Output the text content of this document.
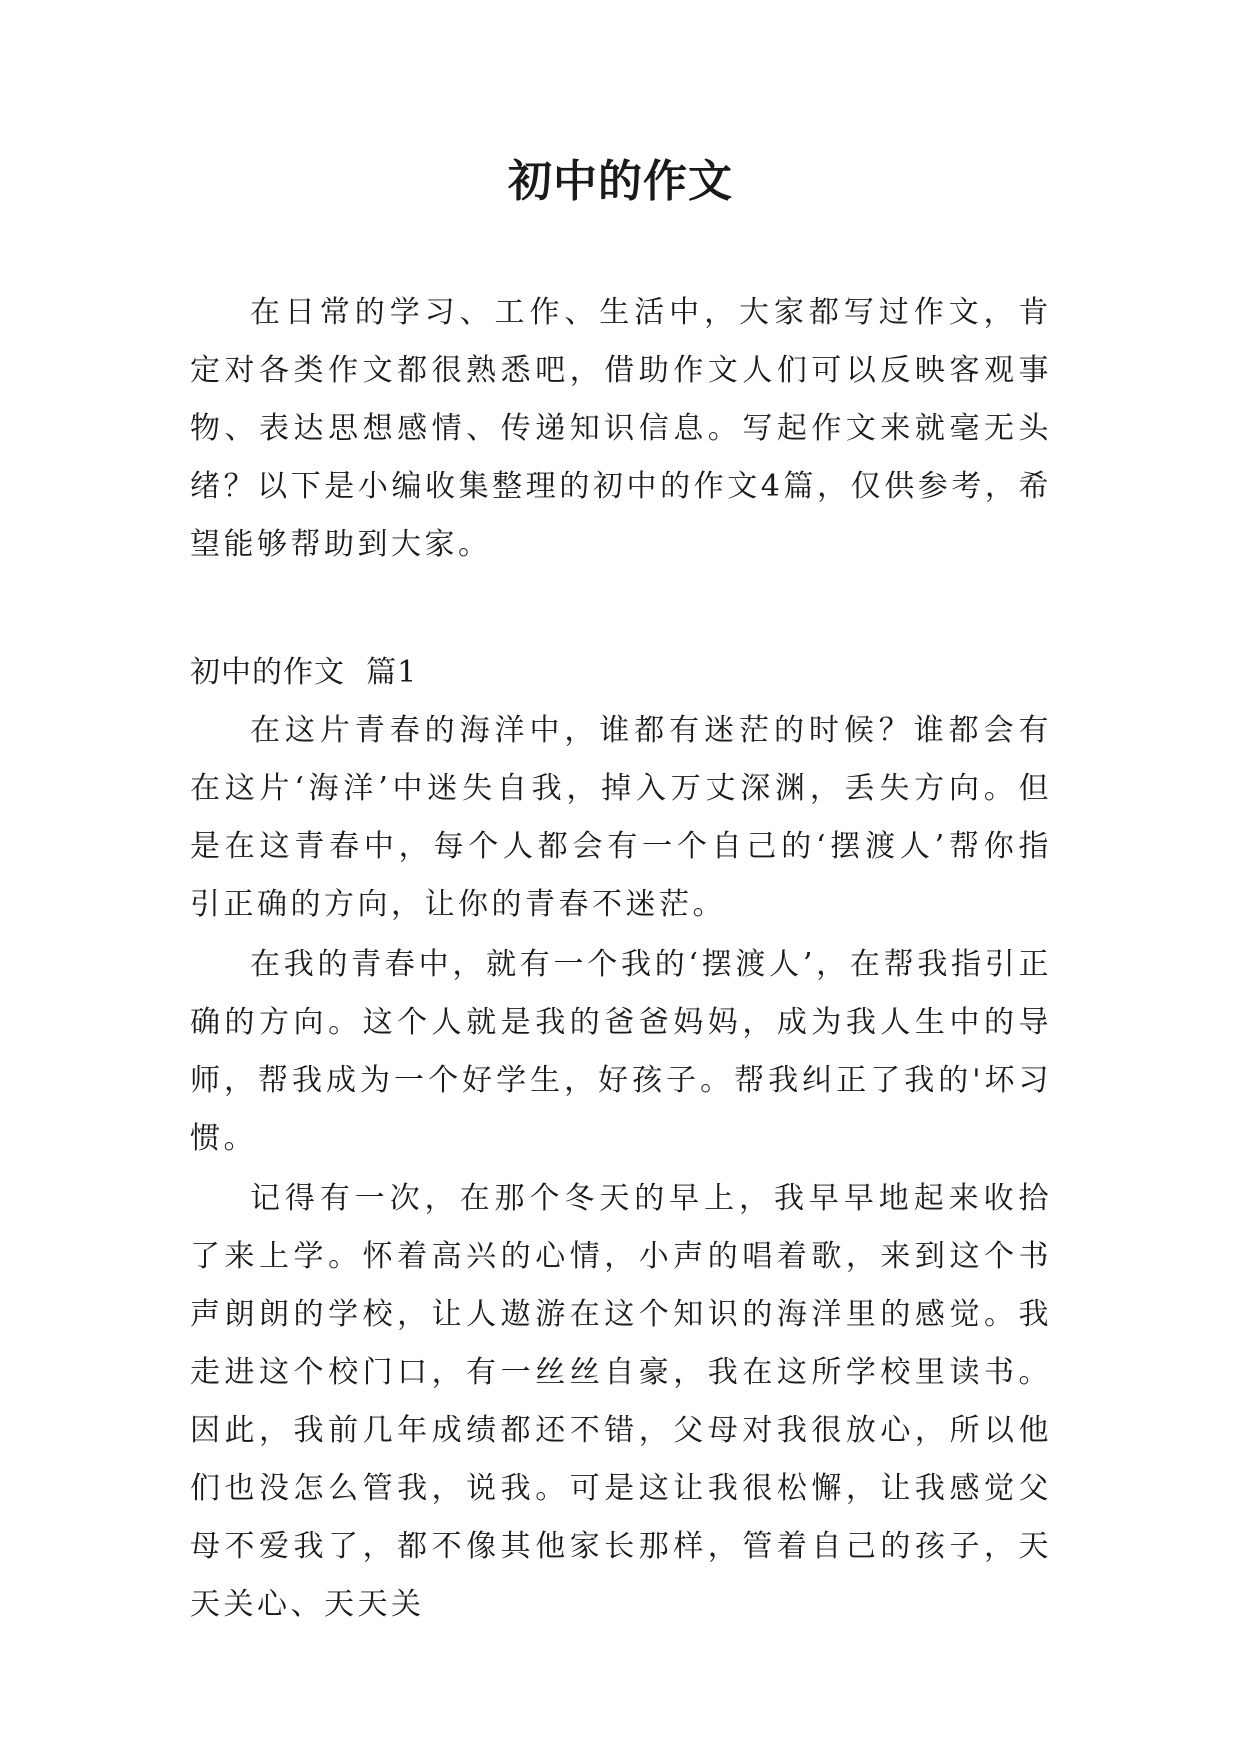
初中的作文

在日常的学习、工作、生活中，大家都写过作文，肯定对各类作文都很熟悉吧，借助作文人们可以反映客观事物、表达思想感情、传递知识信息。写起作文来就毫无头绪？以下是小编收集整理的初中的作文4篇，仅供参考，希望能够帮助到大家。

初中的作文  篇1

在这片青春的海洋中，谁都有迷茫的时候？谁都会有在这片‘海洋’中迷失自我，掉入万丈深渊，丢失方向。但是在这青春中，每个人都会有一个自己的‘摆渡人’帮你指引正确的方向，让你的青春不迷茫。

在我的青春中，就有一个我的‘摆渡人’，在帮我指引正确的方向。这个人就是我的爸爸妈妈，成为我人生中的导师，帮我成为一个好学生，好孩子。帮我纠正了我的'坏习惯。

记得有一次，在那个冬天的早上，我早早地起来收拾了来上学。怀着高兴的心情，小声的唱着歌，来到这个书声朗朗的学校，让人遨游在这个知识的海洋里的感觉。我走进这个校门口，有一丝丝自豪，我在这所学校里读书。因此，我前几年成绩都还不错，父母对我很放心，所以他们也没怎么管我，说我。可是这让我很松懈，让我感觉父母不爱我了，都不像其他家长那样，管着自己的孩子，天天关心、天天关
